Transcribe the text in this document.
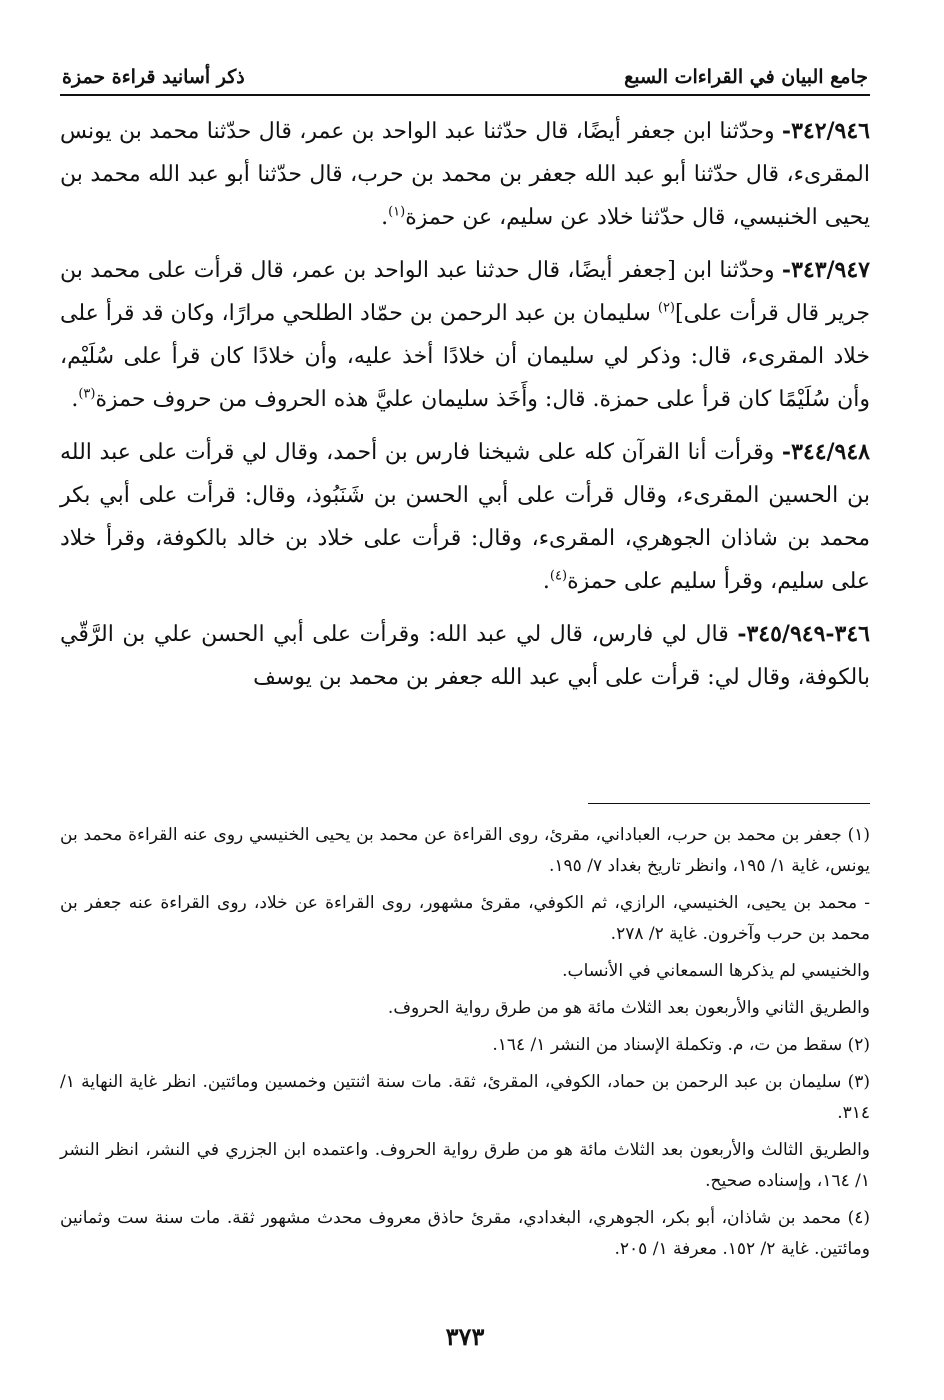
جامع البيان في القراءات السبع
ذكر أسانيد قراءة حمزة

٣٤٢/٩٤٦- وحدّثنا ابن جعفر أيضًا، قال حدّثنا عبد الواحد بن عمر، قال حدّثنا محمد بن يونس المقرىء، قال حدّثنا أبو عبد الله جعفر بن محمد بن حرب، قال حدّثنا أبو عبد الله محمد بن يحيى الخنيسي، قال حدّثنا خلاد عن سليم، عن حمزة$^{(١)}$.

٣٤٣/٩٤٧- وحدّثنا ابن [جعفر أيضًا، قال حدثنا عبد الواحد بن عمر، قال قرأت على محمد بن جرير قال قرأت على]$^{(٢)}$ سليمان بن عبد الرحمن بن حمّاد الطلحي مرارًا، وكان قد قرأ على خلاد المقرىء، قال: وذكر لي سليمان أن خلادًا أخذ عليه، وأن خلادًا كان قرأ على سُلَيْم، وأن سُلَيْمًا كان قرأ على حمزة. قال: وأَخَذ سليمان عليَّ هذه الحروف من حروف حمزة$^{(٣)}$.

٣٤٤/٩٤٨- وقرأت أنا القرآن كله على شيخنا فارس بن أحمد، وقال لي قرأت على عبد الله بن الحسين المقرىء، وقال قرأت على أبي الحسن بن شَنَبُوذ، وقال: قرأت على أبي بكر محمد بن شاذان الجوهري، المقرىء، وقال: قرأت على خلاد بن خالد بالكوفة، وقرأ خلاد على سليم، وقرأ سليم على حمزة$^{(٤)}$.

٣٤٦-٣٤٥/٩٤٩- قال لي فارس، قال لي عبد الله: وقرأت على أبي الحسن علي بن الرَّقّي بالكوفة، وقال لي: قرأت على أبي عبد الله جعفر بن محمد بن يوسف

(١) جعفر بن محمد بن حرب، العباداني، مقرئ، روى القراءة عن محمد بن يحيى الخنيسي روى عنه القراءة محمد بن يونس، غاية ١/ ١٩٥، وانظر تاريخ بغداد ٧/ ١٩٥.

- محمد بن يحيى، الخنيسي، الرازي، ثم الكوفي، مقرئ مشهور، روى القراءة عن خلاد، روى القراءة عنه جعفر بن محمد بن حرب وآخرون. غاية ٢/ ٢٧٨.

والخنيسي لم يذكرها السمعاني في الأنساب.

والطريق الثاني والأربعون بعد الثلاث مائة هو من طرق رواية الحروف.

(٢) سقط من ت، م. وتكملة الإسناد من النشر ١/ ١٦٤.

(٣) سليمان بن عبد الرحمن بن حماد، الكوفي، المقرئ، ثقة. مات سنة اثنتين وخمسين ومائتين. انظر غاية النهاية ١/ ٣١٤.

والطريق الثالث والأربعون بعد الثلاث مائة هو من طرق رواية الحروف. واعتمده ابن الجزري في النشر، انظر النشر ١/ ١٦٤، وإسناده صحيح.

(٤) محمد بن شاذان، أبو بكر، الجوهري، البغدادي، مقرئ حاذق معروف محدث مشهور ثقة. مات سنة ست وثمانين ومائتين. غاية ٢/ ١٥٢. معرفة ١/ ٢٠٥.

٣٧٣
